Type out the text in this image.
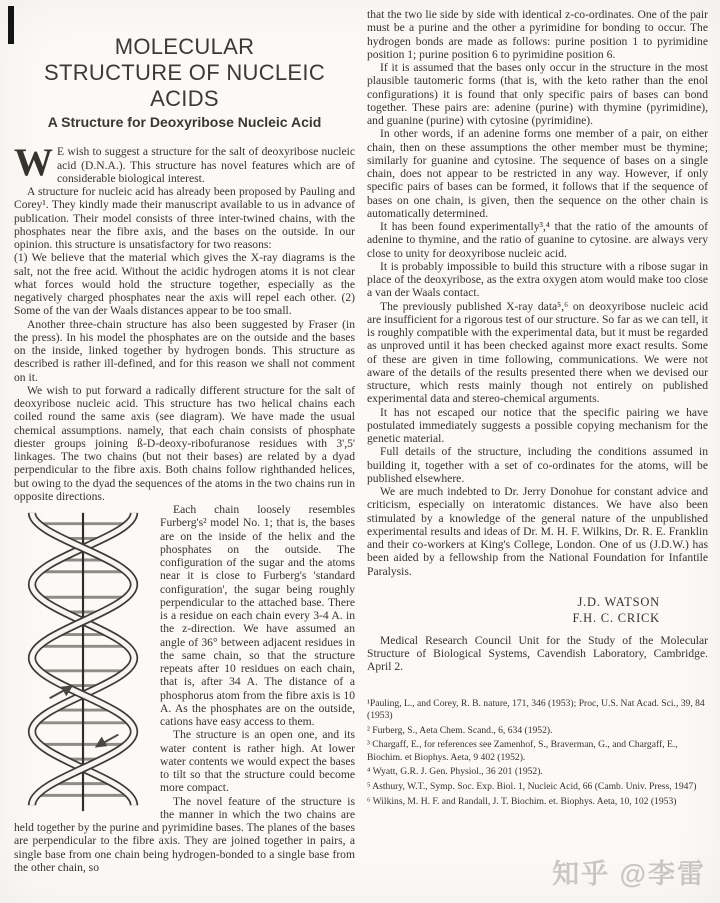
MOLECULAR STRUCTURE OF NUCLEIC ACIDS
A Structure for Deoxyribose Nucleic Acid

W E wish to suggest a structure for the salt of deoxyribose nucleic acid (D.N.A.). This structure has novel features which are of considerable biological interest.

A structure for nucleic acid has already been proposed by Pauling and Corey¹. They kindly made their manuscript available to us in advance of publication. Their model consists of three inter-twined chains, with the phosphates near the fibre axis, and the bases on the outside. In our opinion. this structure is unsatisfactory for two reasons:

(1) We believe that the material which gives the X-ray diagrams is the salt, not the free acid. Without the acidic hydrogen atoms it is not clear what forces would hold the structure together, especially as the negatively charged phosphates near the axis will repel each other. (2) Some of the van der Waals distances appear to be too small.

Another three-chain structure has also been suggested by Fraser (in the press). In his model the phosphates are on the outside and the bases on the inside, linked together by hydrogen bonds. This structure as described is rather ill-defined, and for this reason we shall not comment on it.

We wish to put forward a radically different structure for the salt of deoxyribose nucleic acid. This structure has two helical chains each coiled round the same axis (see diagram). We have made the usual chemical assumptions. namely, that each chain consists of phosphate diester groups joining ß-D-deoxy-ribofuranose residues with 3',5' linkages. The two chains (but not their bases) are related by a dyad perpendicular to the fibre axis. Both chains follow righthanded helices, but owing to the dyad the sequences of the atoms in the two chains run in opposite directions.

Each chain loosely resembles Furberg's² model No. 1; that is, the bases are on the inside of the helix and the phosphates on the outside. The configuration of the sugar and the atoms near it is close to Furberg's 'standard configuration', the sugar being roughly perpendicular to the attached base. There is a residue on each chain every 3-4 A. in the z-direction. We have assumed an angle of 36° between adjacent residues in the same chain, so that the structure repeats after 10 residues on each chain, that is, after 34 A. The distance of a phosphorus atom from the fibre axis is 10 A. As the phosphates are on the outside, cations have easy access to them.

The structure is an open one, and its water content is rather high. At lower water contents we would expect the bases to tilt so that the structure could become more compact.

The novel feature of the structure is the manner in which the two chains are held together by the purine and pyrimidine bases. The planes of the bases are perpendicular to the fibre axis. They are joined together in pairs, a single base from one chain being hydrogen-bonded to a single base from the other chain, so

that the two lie side by side with identical z-co-ordinates. One of the pair must be a purine and the other a pyrimidine for bonding to occur. The hydrogen bonds are made as follows: purine position 1 to pyrimidine position 1; purine position 6 to pyrimidine position 6.

If it is assumed that the bases only occur in the structure in the most plausible tautomeric forms (that is, with the keto rather than the enol configurations) it is found that only specific pairs of bases can bond together. These pairs are: adenine (purine) with thymine (pyrimidine), and guanine (purine) with cytosine (pyrimidine).

In other words, if an adenine forms one member of a pair, on either chain, then on these assumptions the other member must be thymine; similarly for guanine and cytosine. The sequence of bases on a single chain, does not appear to be restricted in any way. However, if only specific pairs of bases can be formed, it follows that if the sequence of bases on one chain, is given, then the sequence on the other chain is automatically determined.

It has been found experimentally³,⁴ that the ratio of the amounts of adenine to thymine, and the ratio of guanine to cytosine. are always very close to unity for deoxyribose nucleic acid.

It is probably impossible to build this structure with a ribose sugar in place of the deoxyribose, as the extra oxygen atom would make too close a van der Waals contact.

The previously published X-ray data⁵,⁶ on deoxyribose nucleic acid are insufficient for a rigorous test of our structure. So far as we can tell, it is roughly compatible with the experimental data, but it must be regarded as unproved until it has been checked against more exact results. Some of these are given in time following, communications. We were not aware of the details of the results presented there when we devised our structure, which rests mainly though not entirely on published experimental data and stereo-chemical arguments.

It has not escaped our notice that the specific pairing we have postulated immediately suggests a possible copying mechanism for the genetic material.

Full details of the structure, including the conditions assumed in building it, together with a set of co-ordinates for the atoms, will be published elsewhere.

We are much indebted to Dr. Jerry Donohue for constant advice and criticism, especially on interatomic distances. We have also been stimulated by a knowledge of the general nature of the unpublished experimental results and ideas of Dr. M. H. F. Wilkins, Dr. R. E. Franklin and their co-workers at King's College, London. One of us (J.D.W.) has been aided by a fellowship from the National Foundation for Infantile Paralysis.

J.D. WATSON
F.H. C. CRICK

Medical Research Council Unit for the Study of the Molecular Structure of Biological Systems, Cavendish Laboratory, Cambridge. April 2.

¹Pauling, L., and Corey, R. B. nature, 171, 346 (1953); Proc, U.S. Nat Acad. Sci., 39, 84 (1953)

² Furberg, S., Aeta Chem. Scand., 6, 634 (1952).

³ Chargaff, E., for references see Zamenhof, S., Braverman, G., and Chargaff, E., Biochim. et Biophys. Aeta, 9 402 (1952).

⁴ Wyatt, G.R. J. Gen. Physiol., 36 201 (1952).

⁵ Asthury, W.T., Symp. Soc. Exp. Biol. 1, Nucleic Acid, 66 (Camb. Univ. Press, 1947)

⁶ Wilkins, M. H. F. and Randall, J. T. Biochim. et. Biophys. Aeta, 10, 102 (1953)

知乎 @李雷
